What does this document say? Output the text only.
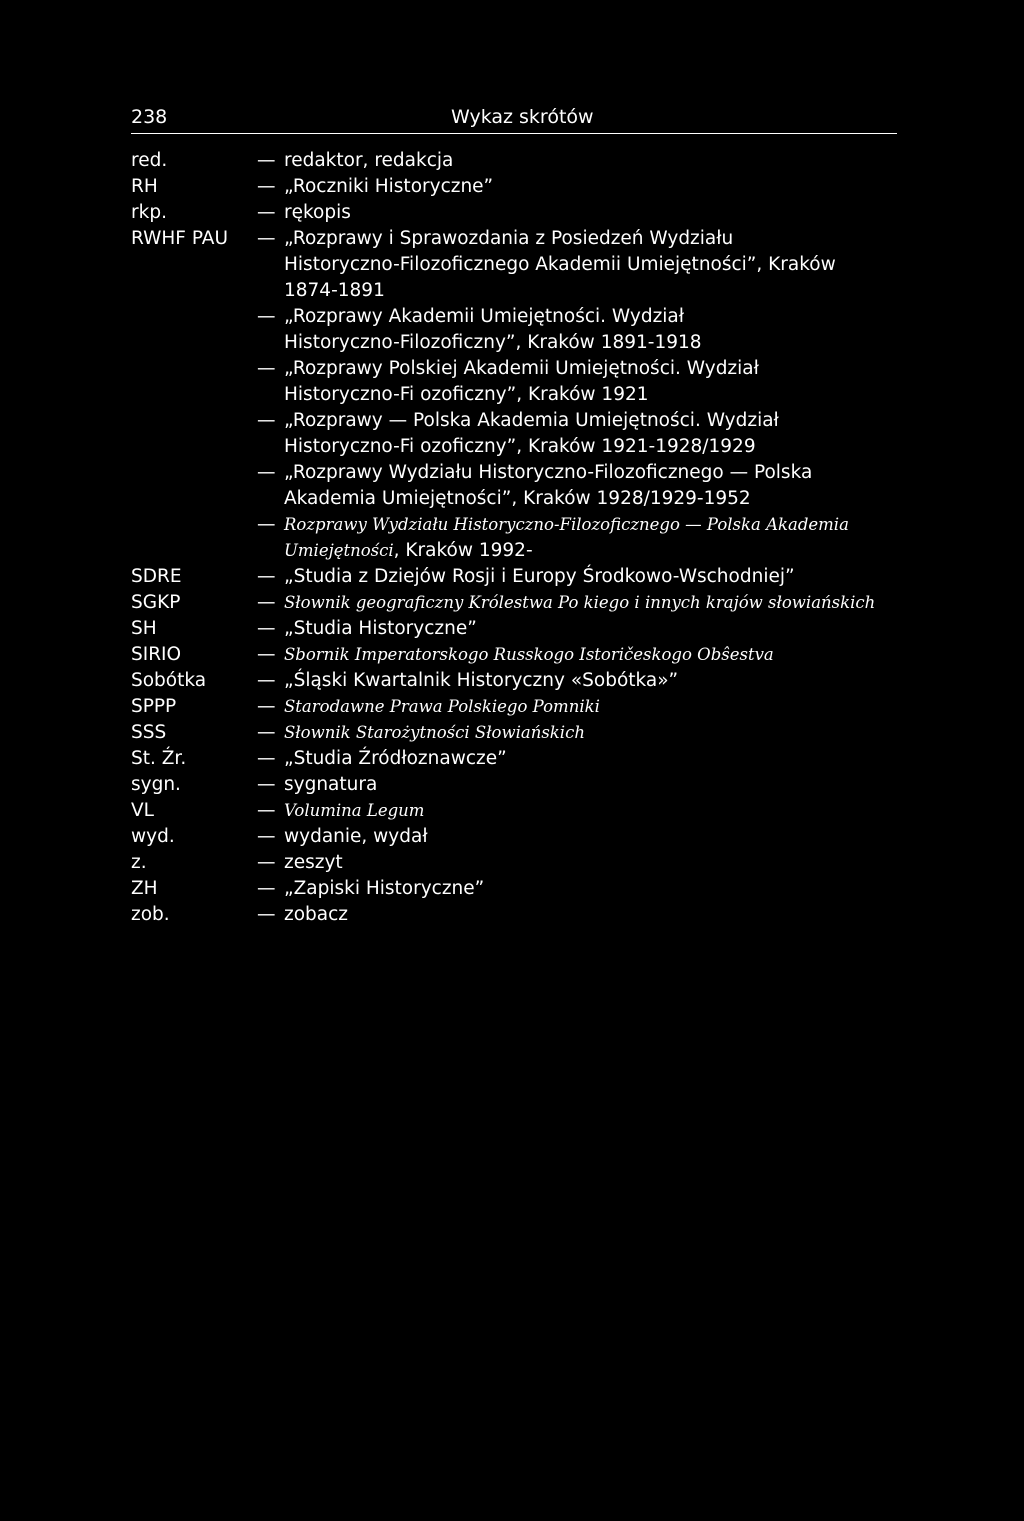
238	Wykaz skrótów
red.	— redaktor, redakcja
RH	— „Roczniki Historyczne”
rkp.	— rękopis
RWHF PAU	— „Rozprawy i Sprawozdania z Posiedzeń Wydziału
Historyczno-Filozoficznego Akademii Umiejętności”, Kraków
1874-1891
— „Rozprawy Akademii Umiejętności. Wydział
Historyczno-Filozoficzny”, Kraków 1891-1918
— „Rozprawy Polskiej Akademii Umiejętności. Wydział
Historyczno-Fi ozoficzny”, Kraków 1921
— „Rozprawy — Polska Akademia Umiejętności. Wydział
Historyczno-Fi ozoficzny”, Kraków 1921-1928/1929
— „Rozprawy Wydziału Historyczno-Filozoficznego — Polska
Akademia Umiejętności”, Kraków 1928/1929-1952
— Rozprawy Wydziału Historyczno-Filozoficznego — Polska Akademia
Umiejętności, Kraków 1992-
SDRE	— „Studia z Dziejów Rosji i Europy Środkowo-Wschodniej”
SGKP	— Słownik geograficzny Królestwa Po kiego i innych krajów słowiańskich
SH	— „Studia Historyczne”
SIRIO	— Sbornik Imperatorskogo Russkogo Istoričeskogo Obŝestva
Sobótka	— „Śląski Kwartalnik Historyczny «Sobótka»”
SPPP	— Starodawne Prawa Polskiego Pomniki
SSS	— Słownik Starożytności Słowiańskich
St. Źr.	— „Studia Źródłoznawcze”
sygn.	— sygnatura
VL	— Volumina Legum
wyd.	— wydanie, wydał
z.	— zeszyt
ZH	— „Zapiski Historyczne”
zob.	— zobacz
